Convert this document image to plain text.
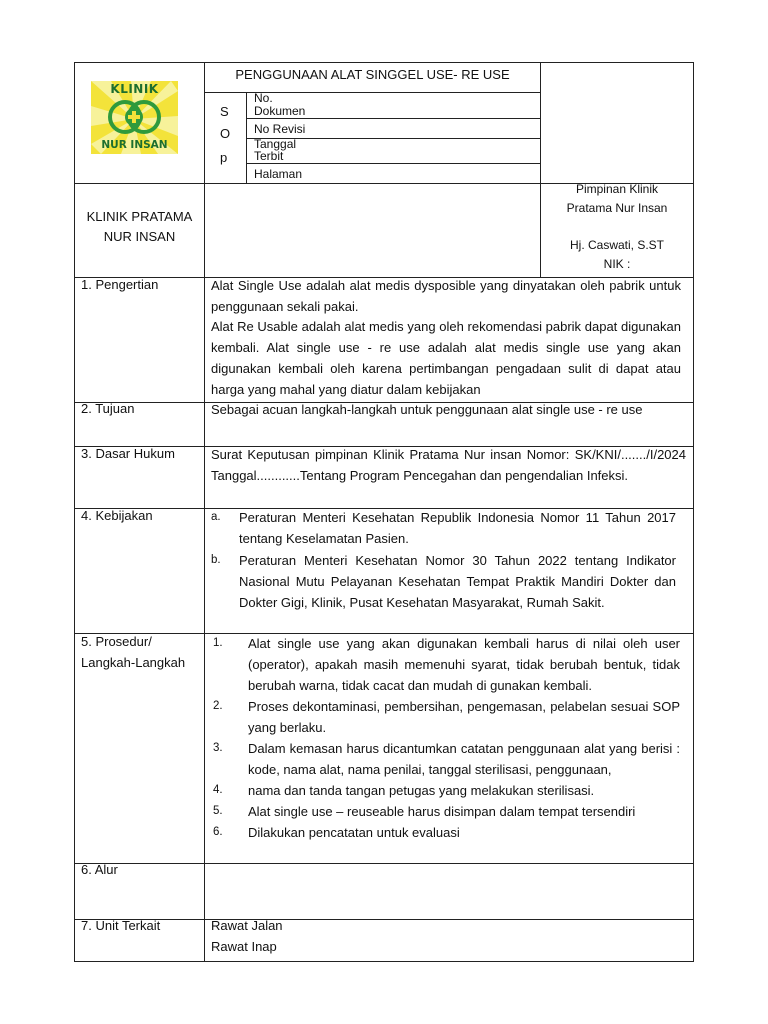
KLINIK
NUR INSAN
PENGGUNAAN ALAT SINGGEL USE- RE USE
S
O
p
No. Dokumen
No Revisi
Tanggal Terbit
Halaman
KLINIK PRATAMA NUR INSAN
Pimpinan Klinik
Pratama Nur Insan
Hj. Caswati, S.ST
NIK :
1. Pengertian	Alat Single Use adalah alat medis dysposible yang dinyatakan oleh pabrik untuk penggunaan sekali pakai.
Alat Re Usable adalah alat medis yang oleh rekomendasi pabrik dapat digunakan kembali. Alat single use - re use adalah alat medis single use yang akan digunakan kembali oleh karena pertimbangan pengadaan sulit di dapat atau harga yang mahal yang diatur dalam kebijakan
2. Tujuan	Sebagai acuan langkah-langkah untuk penggunaan alat single use - re use
3. Dasar Hukum	Surat Keputusan pimpinan Klinik Pratama Nur insan Nomor: SK/KNI/......./I/2024 Tanggal............Tentang Program Pencegahan dan pengendalian Infeksi.
4. Kebijakan	a.	Peraturan Menteri Kesehatan Republik Indonesia Nomor 11 Tahun 2017 tentang Keselamatan Pasien.
b.	Peraturan Menteri Kesehatan Nomor 30 Tahun 2022 tentang Indikator Nasional Mutu Pelayanan Kesehatan Tempat Praktik Mandiri Dokter dan Dokter Gigi, Klinik, Pusat Kesehatan Masyarakat, Rumah Sakit.
5. Prosedur/
Langkah-Langkah
1.	Alat single use yang akan digunakan kembali harus di nilai oleh user (operator), apakah masih memenuhi syarat, tidak berubah bentuk, tidak berubah warna, tidak cacat dan mudah di gunakan kembali.
2.	Proses dekontaminasi, pembersihan, pengemasan, pelabelan sesuai SOP yang berlaku.
3.	Dalam kemasan harus dicantumkan catatan penggunaan alat yang berisi : kode, nama alat, nama penilai, tanggal sterilisasi, penggunaan,
4.	nama dan tanda tangan petugas yang melakukan sterilisasi.
5.	Alat single use – reuseable harus disimpan dalam tempat tersendiri
6.	Dilakukan pencatatan untuk evaluasi
6. Alur
7. Unit Terkait	Rawat Jalan
Rawat Inap
